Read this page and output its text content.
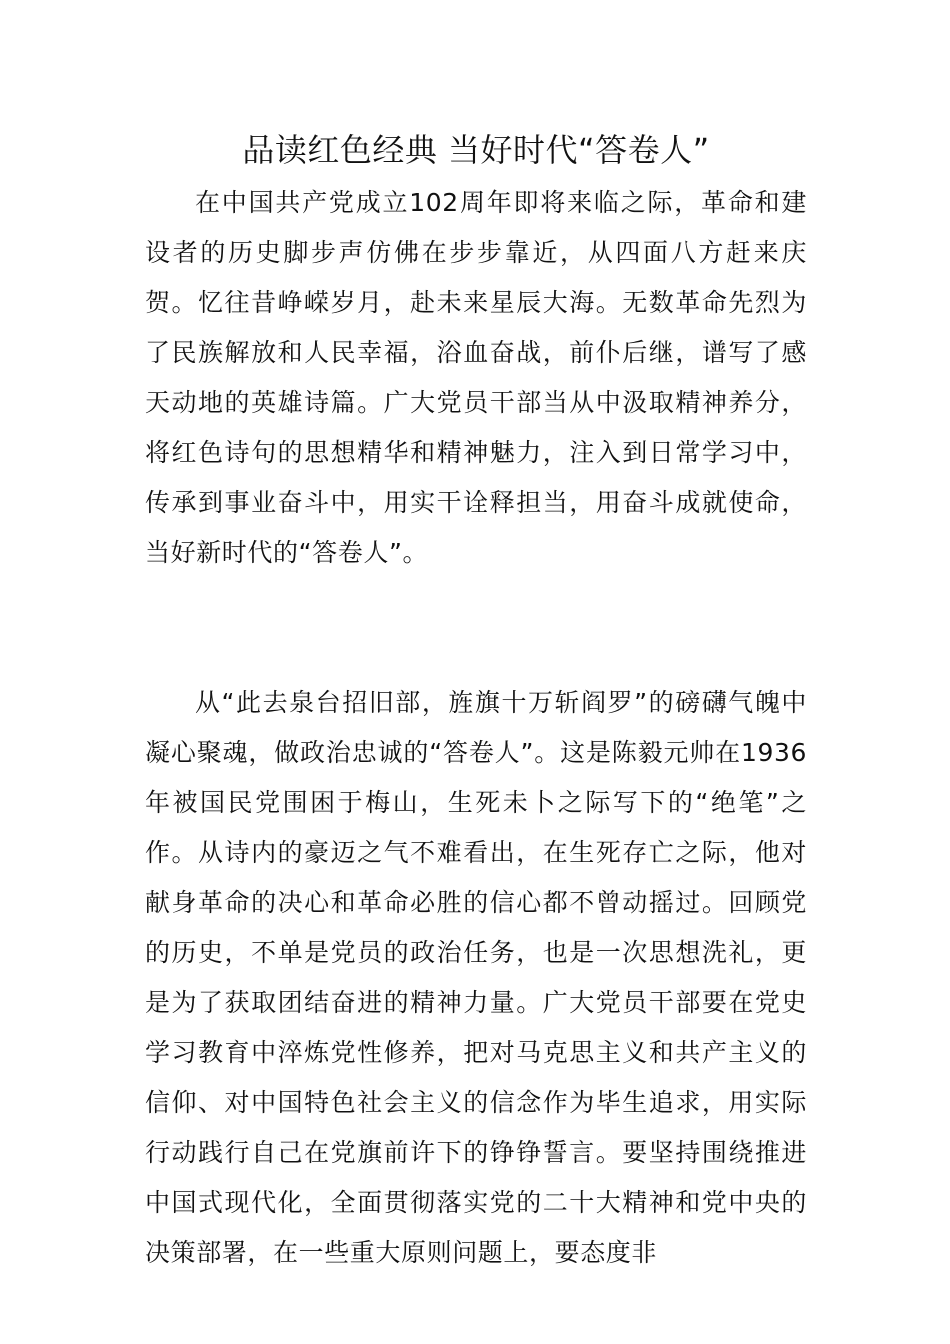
品读红色经典 当好时代“答卷人”

在中国共产党成立102周年即将来临之际，革命和建设者的历史脚步声仿佛在步步靠近，从四面八方赶来庆贺。忆往昔峥嵘岁月，赴未来星辰大海。无数革命先烈为了民族解放和人民幸福，浴血奋战，前仆后继，谱写了感天动地的英雄诗篇。广大党员干部当从中汲取精神养分，将红色诗句的思想精华和精神魅力，注入到日常学习中，传承到事业奋斗中，用实干诠释担当，用奋斗成就使命，当好新时代的“答卷人”。

从“此去泉台招旧部，旌旗十万斩阎罗”的磅礴气魄中凝心聚魂，做政治忠诚的“答卷人”。这是陈毅元帅在1936年被国民党围困于梅山，生死未卜之际写下的“绝笔”之作。从诗内的豪迈之气不难看出，在生死存亡之际，他对献身革命的决心和革命必胜的信心都不曾动摇过。回顾党的历史，不单是党员的政治任务，也是一次思想洗礼，更是为了获取团结奋进的精神力量。广大党员干部要在党史学习教育中淬炼党性修养，把对马克思主义和共产主义的信仰、对中国特色社会主义的信念作为毕生追求，用实际行动践行自己在党旗前许下的铮铮誓言。要坚持围绕推进中国式现代化，全面贯彻落实党的二十大精神和党中央的决策部署，在一些重大原则问题上，要态度非
